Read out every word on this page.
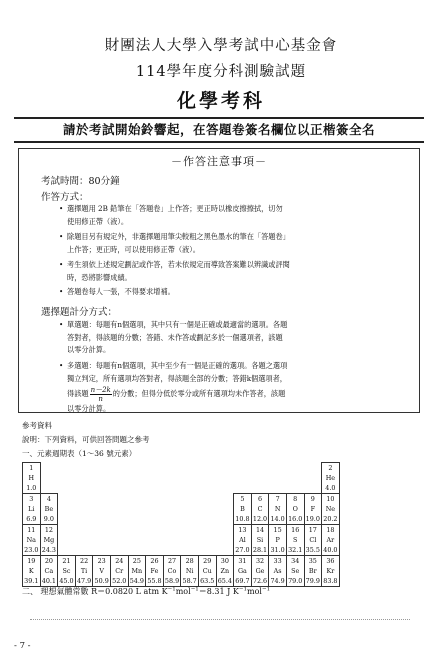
財團法人大學入學考試中心基金會
114學年度分科測驗試題
化學考科
請於考試開始鈴響起，在答題卷簽名欄位以正楷簽全名
－作答注意事項－
考試時間：80分鐘
作答方式：
• 選擇題用 2B 鉛筆在「答題卷」上作答；更正時以橡皮擦擦拭，切勿
使用修正帶（液）。
• 除題目另有規定外，非選擇題用筆尖較粗之黑色墨水的筆在「答題卷」
上作答；更正時，可以使用修正帶（液）。
• 考生須依上述規定劃記或作答，若未依規定而導致答案難以辨識或評閱
時，恐將影響成績。
• 答題卷每人一張，不得要求增補。
選擇題計分方式：
• 單選題：每題有n個選項，其中只有一個是正確或最適當的選項。各題
答對者，得該題的分數；答錯、未作答或劃記多於一個選項者，該題
以零分計算。
• 多選題：每題有n個選項，其中至少有一個是正確的選項。各題之選項
獨立判定，所有選項均答對者，得該題全部的分數；答錯k個選項者，
得該題 $\frac{n-2k}{n}$ 的分數；但得分低於零分或所有選項均未作答者，該題
以零分計算。
參考資料
說明：下列資料，可供回答問題之參考
一、元素週期表（1～36 號元素）
1
H
1.0																	2
He
4.0

3
Li
6.9	4
Be
9.0											5
B
10.8	6
C
12.0	7
N
14.0	8
O
16.0	9
F
19.0	10
Ne
20.2

11
Na
23.0	12
Mg
24.3											13
Al
27.0	14
Si
28.1	15
P
31.0	16
S
32.1	17
Cl
35.5	18
Ar
40.0

19
K
39.1	20
Ca
40.1	21
Sc
45.0	22
Ti
47.9	23
V
50.9	24
Cr
52.0	25
Mn
54.9	26
Fe
55.8	27
Co
58.9	28
Ni
58.7	29
Cu
63.5	30
Zn
65.4	31
Ga
69.7	32
Ge
72.6	33
As
74.9	34
Se
79.0	35
Br
79.9	36
Kr
83.8
二、 理想氣體常數 R＝0.0820 L atm $K^{-1}mol^{-1}=8.31$ J $K^{-1}mol^{-1}$
- 7 -
